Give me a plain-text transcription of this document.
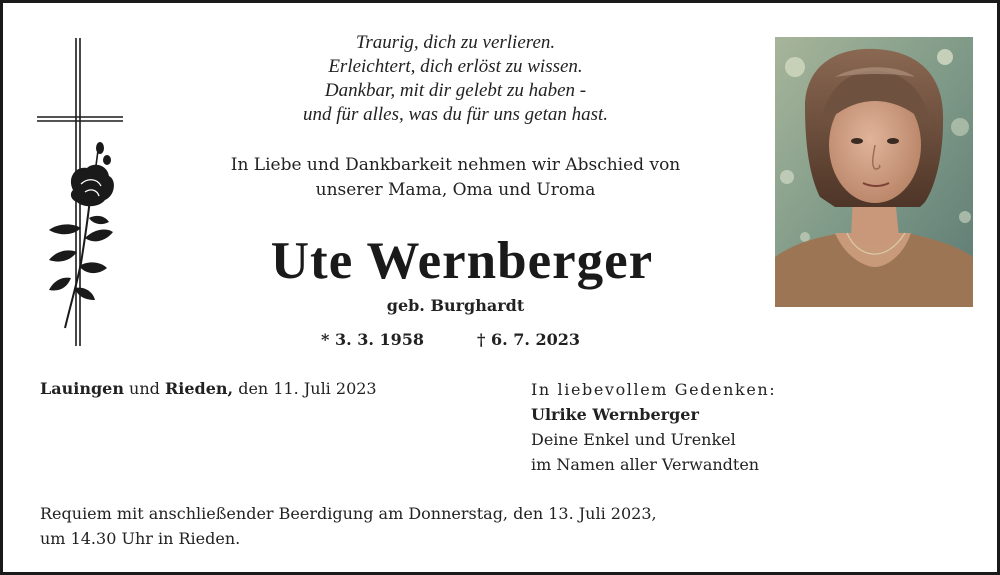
Traurig, dich zu verlieren.
Erleichtert, dich erlöst zu wissen.
Dankbar, mit dir gelebt zu haben -
und für alles, was du für uns getan hast.
In Liebe und Dankbarkeit nehmen wir Abschied von
unserer Mama, Oma und Uroma
Ute Wernberger
geb. Burghardt
* 3. 3. 1958	† 6. 7. 2023
Lauingen und Rieden, den 11. Juli 2023	In liebevollem Gedenken:
Ulrike Wernberger
Deine Enkel und Urenkel
im Namen aller Verwandten
Requiem mit anschließender Beerdigung am Donnerstag, den 13. Juli 2023,
um 14.30 Uhr in Rieden.
